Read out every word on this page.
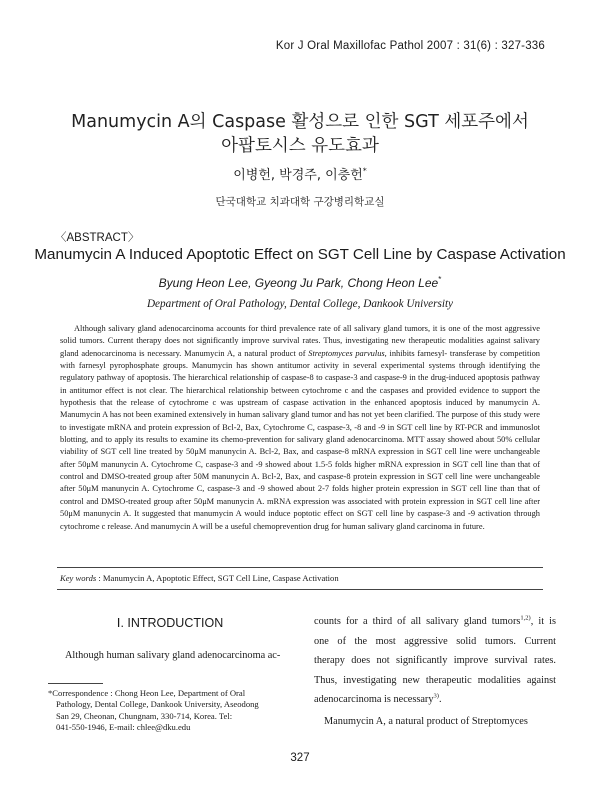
Kor J Oral Maxillofac Pathol 2007 : 31(6) : 327-336
Manumycin A의 Caspase 활성으로 인한 SGT 세포주에서
아팝토시스 유도효과
이병헌, 박경주, 이충헌*
단국대학교 치과대학 구강병리학교실
〈ABSTRACT〉
Manumycin A Induced Apoptotic Effect on SGT Cell Line by Caspase Activation
Byung Heon Lee, Gyeong Ju Park, Chong Heon Lee*
Department of Oral Pathology, Dental College, Dankook University

Although salivary gland adenocarcinoma accounts for third prevalence rate of all salivary gland tumors, it is one of the most aggressive solid tumors. Current therapy does not significantly improve survival rates. Thus, investigating new therapeutic modalities against salivary gland adenocarcinoma is necessary. Manumycin A, a natural product of Streptomyces parvulus, inhibits farnesyl- transferase by competition with farnesyl pyrophosphate groups. Manumycin has shown antitumor activity in several experimental systems through identifying the regulatory pathway of apoptosis. The hierarchical relationship of caspase-8 to caspase-3 and caspase-9 in the drug-induced apoptosis pathway in antitumor effect is not clear. The hierarchical relationship between cytochrome c and the caspases and provided evidence to support the hypothesis that the release of cytochrome c was upstream of caspase activation in the enhanced apoptosis induced by manumycin A. Manumycin A has not been examined extensively in human salivary gland tumor and has not yet been clarified. The purpose of this study were to investigate mRNA and protein expression of Bcl-2, Bax, Cytochrome C, caspase-3, -8 and -9 in SGT cell line by RT-PCR and immunoslot blotting, and to apply its results to examine its chemo-prevention for salivary gland adenocarcinoma. MTT assay showed about 50% cellular viability of SGT cell line treated by 50μM manunycin A. Bcl-2, Bax, and caspase-8 mRNA expression in SGT cell line were unchangeable after 50μM manunycin A. Cytochrome C, caspase-3 and -9 showed about 1.5-5 folds higher mRNA expression in SGT cell line than that of control and DMSO-treated group after 50M manunycin A. Bcl-2, Bax, and caspase-8 protein expression in SGT cell line were unchangeable after 50μM manunycin A. Cytochrome C, caspase-3 and -9 showed about 2-7 folds higher protein expression in SGT cell line than that of control and DMSO-treated group after 50μM manunycin A. mRNA expression was associated with protein expression in SGT cell line after 50μM manunycin A. It suggested that manumycin A would induce poptotic effect on SGT cell line by caspase-3 and -9 activation through cytochrome c release. And manumycin A will be a useful chemoprevention drug for human salivary gland carcinoma in future.

Key words : Manumycin A, Apoptotic Effect, SGT Cell Line, Caspase Activation
Ⅰ. INTRODUCTION
Although human salivary gland adenocarcinoma ac-
counts for a third of all salivary gland tumors$^{1,2)}$, it is
one of the most aggressive solid tumors. Current
therapy does not significantly improve survival rates.
Thus, investigating new therapeutic modalities against
adenocarcinoma is necessary$^{3)}$.
Manumycin A, a natural product of Streptomyces
*Correspondence : Chong Heon Lee, Department of Oral
Pathology, Dental College, Dankook University, Aseodong
San 29, Cheonan, Chungnam, 330-714, Korea. Tel:
041-550-1946, E-mail: chlee@dku.edu
327
